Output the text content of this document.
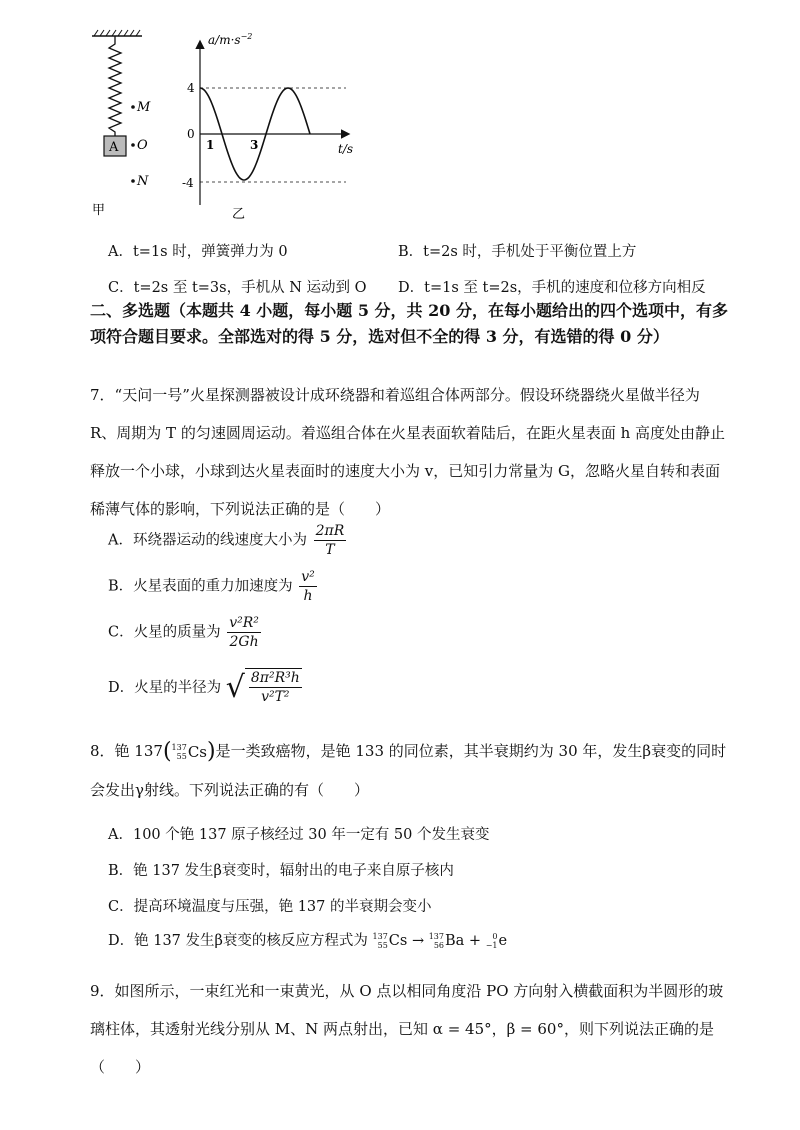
A
M
O
N
甲
$a/m\cdot s^{-2}$
t/s
4
0
-4
1	3
乙
A．t=1s 时，弹簧弹力为 0	B．t=2s 时，手机处于平衡位置上方
C．t=2s 至 t=3s，手机从 N 运动到 O D．t=1s 至 t=2s，手机的速度和位移方向相反
二、多选题（本题共 4 小题，每小题 5 分，共 20 分，在每小题给出的四个选项中，有多项符合题目要求。全部选对的得 5 分，选对但不全的得 3 分，有选错的得 0 分）
7．“天问一号”火星探测器被设计成环绕器和着巡组合体两部分。假设环绕器绕火星做半径为 R、周期为 T 的匀速圆周运动。着巡组合体在火星表面软着陆后，在距火星表面 h 高度处由静止释放一个小球，小球到达火星表面时的速度大小为 v，已知引力常量为 G，忽略火星自转和表面稀薄气体的影响，下列说法正确的是（　　）
A．环绕器运动的线速度大小为 $\frac{2\pi R}{T}$
B．火星表面的重力加速度为 $\frac{\text{v²}}{h}$
C．火星的质量为 $\frac{\text{v²R²}}{2Gh}$
D．火星的半径为 √ $\frac{\text{8π²R³h}}{\text{v²T²}}$
8．铯 137( 137
55 Cs )是一类致癌物，是铯 133 的同位素，其半衰期约为 30 年，发生β衰变的同时会发出γ射线。下列说法正确的有（　　）
A．100 个铯 137 原子核经过 30 年一定有 50 个发生衰变
B．铯 137 发生β衰变时，辐射出的电子来自原子核内
C．提高环境温度与压强，铯 137 的半衰期会变小
D．铯 137 发生β衰变的核反应方程式为 137
55 Cs → 137
56 Ba +	0
−1 e
9．如图所示，一束红光和一束黄光，从 O 点以相同角度沿 PO 方向射入横截面积为半圆形的玻璃柱体，其透射光线分别从 M、N 两点射出，已知 α = 45°，β = 60°，则下列说法正确的是（　　）
